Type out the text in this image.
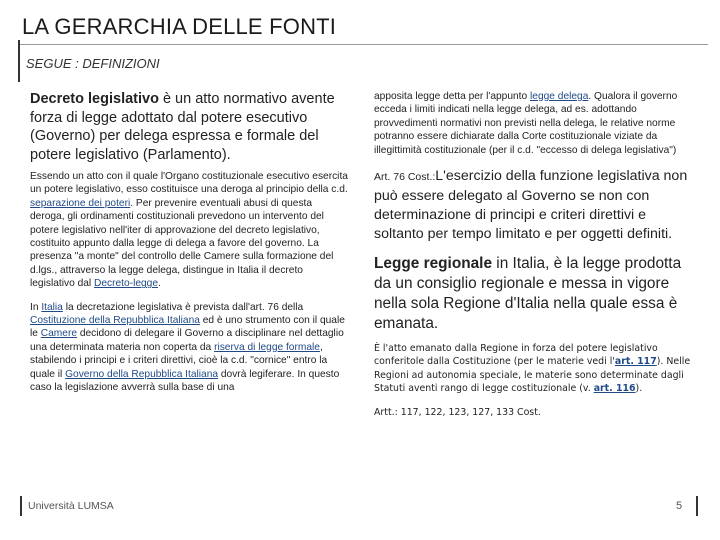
LA GERARCHIA DELLE FONTI
SEGUE : DEFINIZIONI

Decreto legislativo è un atto normativo avente forza di legge adottato dal potere esecutivo (Governo) per delega espressa e formale del potere legislativo (Parlamento).

Essendo un atto con il quale l'Organo costituzionale esecutivo esercita un potere legislativo, esso costituisce una deroga al principio della c.d. separazione dei poteri. Per prevenire eventuali abusi di questa deroga, gli ordinamenti costituzionali prevedono un intervento del potere legislativo nell'iter di approvazione del decreto legislativo, costituito appunto dalla legge di delega a favore del governo. La presenza "a monte" del controllo delle Camere sulla formazione del d.lgs., attraverso la legge delega, distingue in Italia il decreto legislativo dal Decreto-legge.

In Italia la decretazione legislativa è prevista dall'art. 76 della Costituzione della Repubblica Italiana ed è uno strumento con il quale le Camere decidono di delegare il Governo a disciplinare nel dettaglio una determinata materia non coperta da riserva di legge formale, stabilendo i principi e i criteri direttivi, cioè la c.d. "cornice" entro la quale il Governo della Repubblica Italiana dovrà legiferare. In questo caso la legislazione avverrà sulla base di una

apposita legge detta per l'appunto legge delega. Qualora il governo ecceda i limiti indicati nella legge delega, ad es. adottando provvedimenti normativi non previsti nella delega, le relative norme potranno essere dichiarate dalla Corte costituzionale viziate da illegittimità costituzionale (per il c.d. "eccesso di delega legislativa")

Art. 76 Cost.:L'esercizio della funzione legislativa non può essere delegato al Governo se non con determinazione di principi e criteri direttivi e soltanto per tempo limitato e per oggetti definiti.

Legge regionale in Italia, è la legge prodotta da un consiglio regionale e messa in vigore nella sola Regione d'Italia nella quale essa è emanata.

È l'atto emanato dalla Regione in forza del potere legislativo conferitole dalla Costituzione (per le materie vedi l'art. 117). Nelle Regioni ad autonomia speciale, le materie sono determinate dagli Statuti aventi rango di legge costituzionale (v. art. 116).

Artt.: 117, 122, 123, 127, 133 Cost.

Università LUMSA	5
